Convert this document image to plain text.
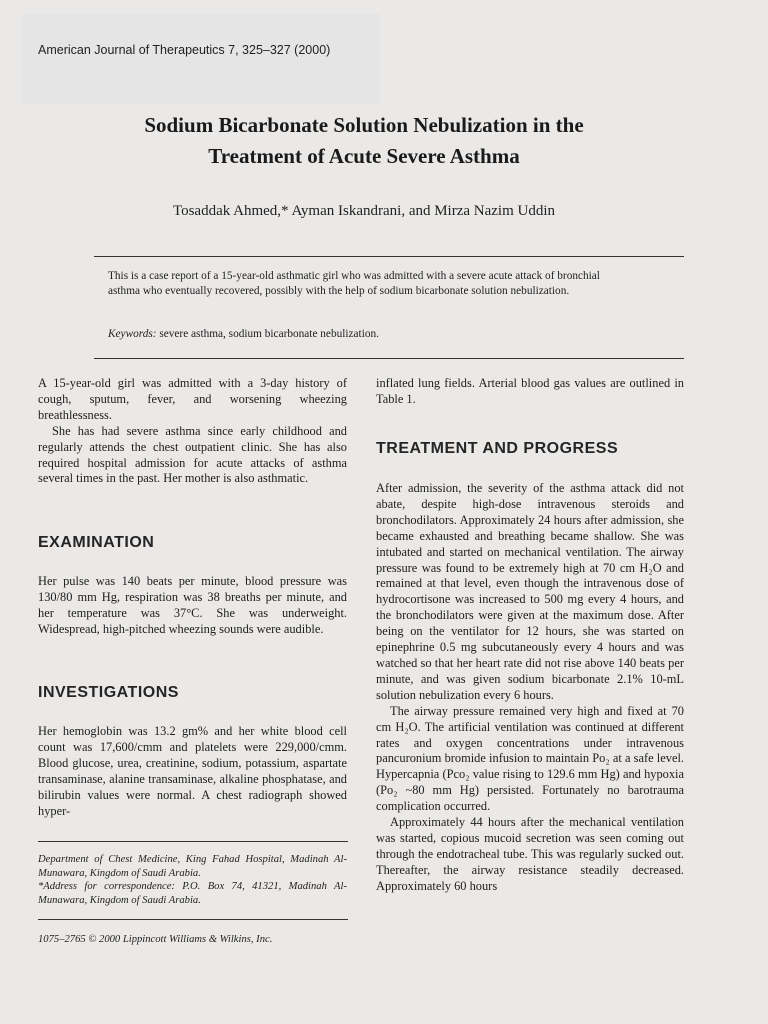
American Journal of Therapeutics 7, 325–327 (2000)
Sodium Bicarbonate Solution Nebulization in the
Treatment of Acute Severe Asthma
Tosaddak Ahmed,* Ayman Iskandrani, and Mirza Nazim Uddin
This is a case report of a 15-year-old asthmatic girl who was admitted with a severe acute attack of bronchial asthma who eventually recovered, possibly with the help of sodium bicarbonate solution nebulization.
Keywords: severe asthma, sodium bicarbonate nebulization.

A 15-year-old girl was admitted with a 3-day history of cough, sputum, fever, and worsening wheezing breathlessness.

She has had severe asthma since early childhood and regularly attends the chest outpatient clinic. She has also required hospital admission for acute attacks of asthma several times in the past. Her mother is also asthmatic.

EXAMINATION

Her pulse was 140 beats per minute, blood pressure was 130/80 mm Hg, respiration was 38 breaths per minute, and her temperature was 37°C. She was underweight. Widespread, high-pitched wheezing sounds were audible.

INVESTIGATIONS

Her hemoglobin was 13.2 gm% and her white blood cell count was 17,600/cmm and platelets were 229,000/cmm. Blood glucose, urea, creatinine, sodium, potassium, aspartate transaminase, alanine transaminase, alkaline phosphatase, and bilirubin values were normal. A chest radiograph showed hyper-

Department of Chest Medicine, King Fahad Hospital, Madinah Al-Munawara, Kingdom of Saudi Arabia.

*Address for correspondence: P.O. Box 74, 41321, Madinah Al-Munawara, Kingdom of Saudi Arabia.

1075–2765 © 2000 Lippincott Williams & Wilkins, Inc.

inflated lung fields. Arterial blood gas values are outlined in Table 1.

TREATMENT AND PROGRESS

After admission, the severity of the asthma attack did not abate, despite high-dose intravenous steroids and bronchodilators. Approximately 24 hours after admission, she became exhausted and breathing became shallow. She was intubated and started on mechanical ventilation. The airway pressure was found to be extremely high at 70 cm H₂O and remained at that level, even though the intravenous dose of hydrocortisone was increased to 500 mg every 4 hours, and the bronchodilators were given at the maximum dose. After being on the ventilator for 12 hours, she was started on epinephrine 0.5 mg subcutaneously every 4 hours and was watched so that her heart rate did not rise above 140 beats per minute, and was given sodium bicarbonate 2.1% 10-mL solution nebulization every 6 hours.

The airway pressure remained very high and fixed at 70 cm H₂O. The artificial ventilation was continued at different rates and oxygen concentrations under intravenous pancuronium bromide infusion to maintain Po₂ at a safe level. Hypercapnia (Pco₂ value rising to 129.6 mm Hg) and hypoxia (Po₂ ~80 mm Hg) persisted. Fortunately no barotrauma complication occurred.

Approximately 44 hours after the mechanical ventilation was started, copious mucoid secretion was seen coming out through the endotracheal tube. This was regularly sucked out. Thereafter, the airway resistance steadily decreased. Approximately 60 hours
